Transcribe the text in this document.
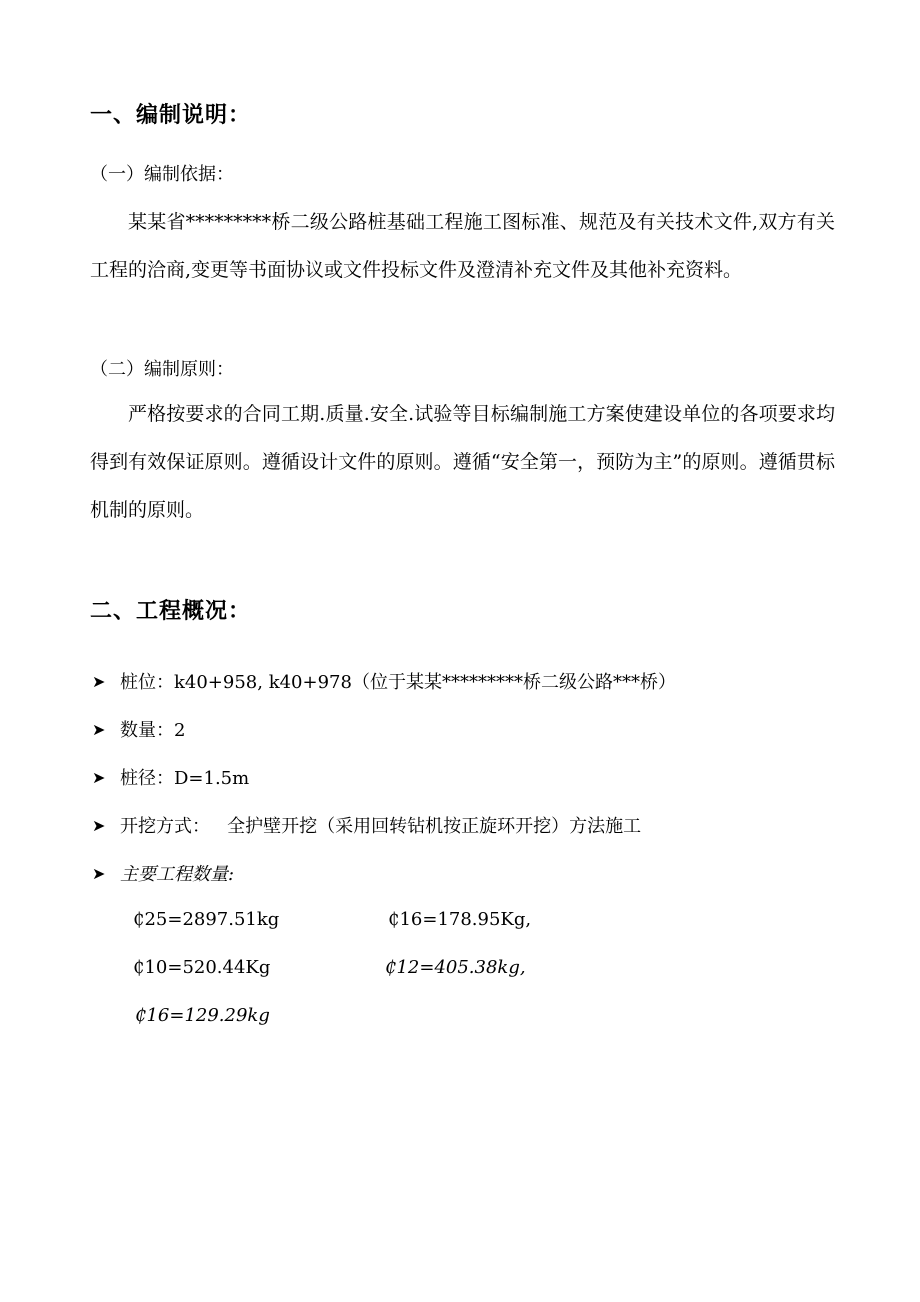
一、编制说明：
（一）编制依据：
某某省*********桥二级公路桩基础工程施工图标准、规范及有关技术文件,双方有关工程的洽商,变更等书面协议或文件投标文件及澄清补充文件及其他补充资料。
（二）编制原则：
严格按要求的合同工期.质量.安全.试验等目标编制施工方案使建设单位的各项要求均得到有效保证原则。遵循设计文件的原则。遵循“安全第一，预防为主”的原则。遵循贯标机制的原则。
二、工程概况：
➤ 桩位：k40+958, k40+978（位于某某*********桥二级公路***桥）
➤ 数量：2
➤ 桩径：D=1.5m
➤ 开挖方式：   全护壁开挖（采用回转钻机按正旋环开挖）方法施工
➤ 主要工程数量:
₵25=2897.51kg	₵16=178.95Kg,
₵10=520.44Kg	₵12=405.38kg,
₵16=129.29kg
